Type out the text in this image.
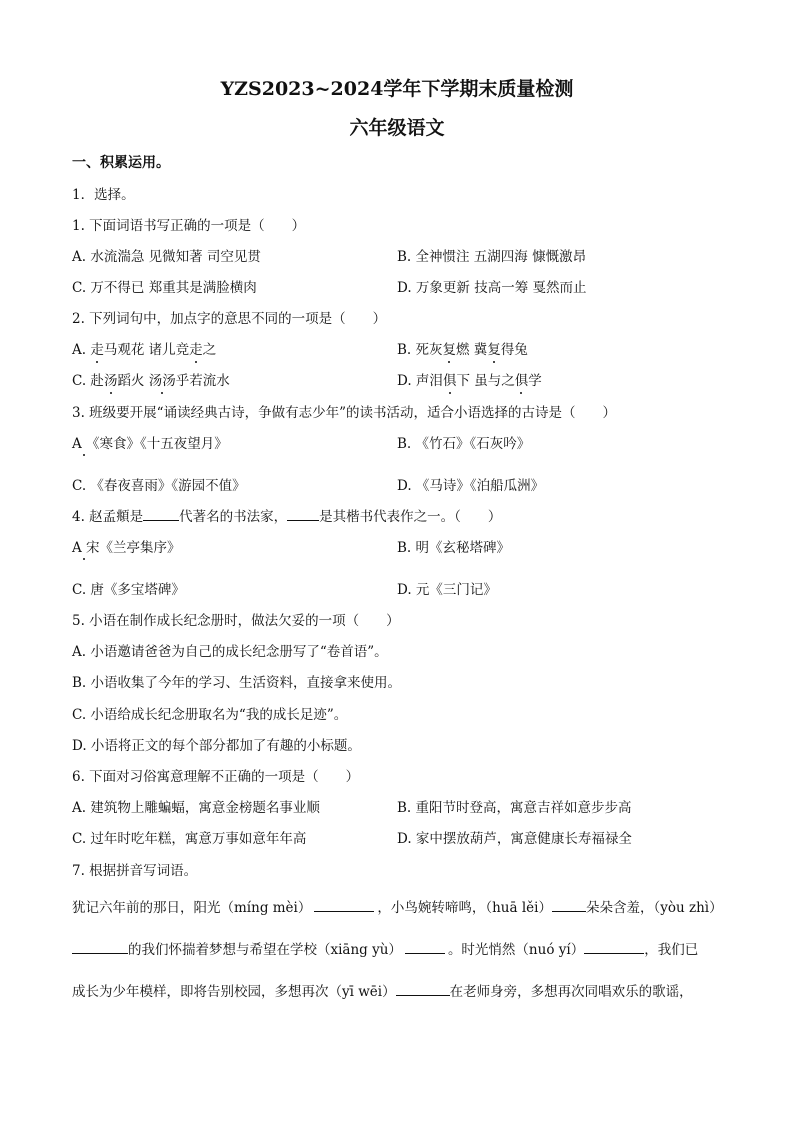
YZS2023~2024学年下学期末质量检测
六年级语文
一、积累运用。
1．选择。
1. 下面词语书写正确的一项是（　　）
A. 水流湍急 见微知著 司空见贯	B. 全神惯注 五湖四海 慷慨激昂
C. 万不得已 郑重其是满脸横肉	D. 万象更新 技高一筹 戛然而止
2. 下列词句中，加点字的意思不同的一项是（　　）
A. 走马观花 诸儿竞走之	B. 死灰复燃 冀复得兔
C. 赴汤蹈火 汤汤乎若流水	D. 声泪俱下 虽与之俱学
3. 班级要开展“诵读经典古诗，争做有志少年”的读书活动，适合小语选择的古诗是（　　）
A 《寒食》《十五夜望月》	B. 《竹石》《石灰吟》
C. 《春夜喜雨》《游园不值》	D. 《马诗》《泊船瓜洲》
4. 赵孟頫是	代著名的书法家， 是其楷书代表作之一。（　　）
A 宋《兰亭集序》	B. 明《玄秘塔碑》
C. 唐《多宝塔碑》	D. 元《三门记》
5. 小语在制作成长纪念册时，做法欠妥的一项（　　）
A. 小语邀请爸爸为自己的成长纪念册写了“卷首语”。
B. 小语收集了今年的学习、生活资料，直接拿来使用。
C. 小语给成长纪念册取名为“我的成长足迹”。
D. 小语将正文的每个部分都加了有趣的小标题。
6. 下面对习俗寓意理解不正确的一项是（　　）
A. 建筑物上雕蝙蝠，寓意金榜题名事业顺	B. 重阳节时登高，寓意吉祥如意步步高
C. 过年时吃年糕，寓意万事如意年年高	D. 家中摆放葫芦，寓意健康长寿福禄全
7. 根据拼音写词语。
犹记六年前的那日，阳光（míng mèi）	，小鸟婉转啼鸣，（huā lěi）	朵朵含羞，（yòu zhì）
的我们怀揣着梦想与希望在学校（xiāng yù）	。时光悄然（nuó yí）	，我们已
成长为少年模样，即将告别校园，多想再次（yī wēi）	在老师身旁，多想再次同唱欢乐的歌谣，
